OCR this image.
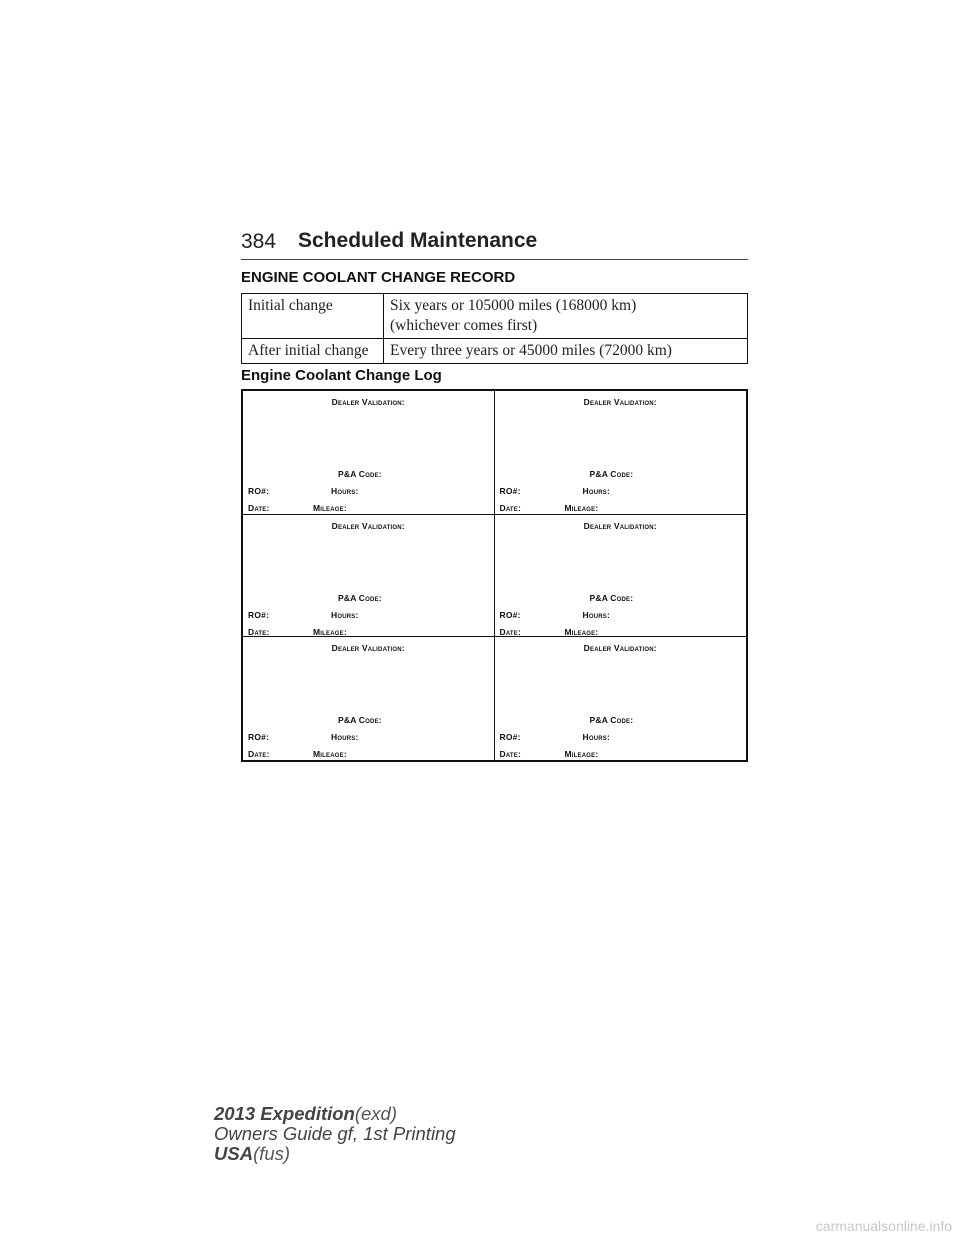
384 Scheduled Maintenance
ENGINE COOLANT CHANGE RECORD
Initial change	Six years or 105000 miles (168000 km)
(whichever comes first)

After initial change	Every three years or 45000 miles (72000 km)
Engine Coolant Change Log
Dealer Validation:
P&A Code:
RO#:	Hours:
Date:	Mileage:
Dealer Validation:
P&A Code:
RO#:	Hours:
Date:	Mileage:
Dealer Validation:
P&A Code:
RO#:	Hours:
Date:	Mileage:
Dealer Validation:
P&A Code:
RO#:	Hours:
Date:	Mileage:
Dealer Validation:
P&A Code:
RO#:	Hours:
Date:	Mileage:
Dealer Validation:
P&A Code:
RO#:	Hours:
Date:	Mileage:
2013 Expedition(exd)
Owners Guide gf, 1st Printing
USA(fus)
carmanualsonline.info
